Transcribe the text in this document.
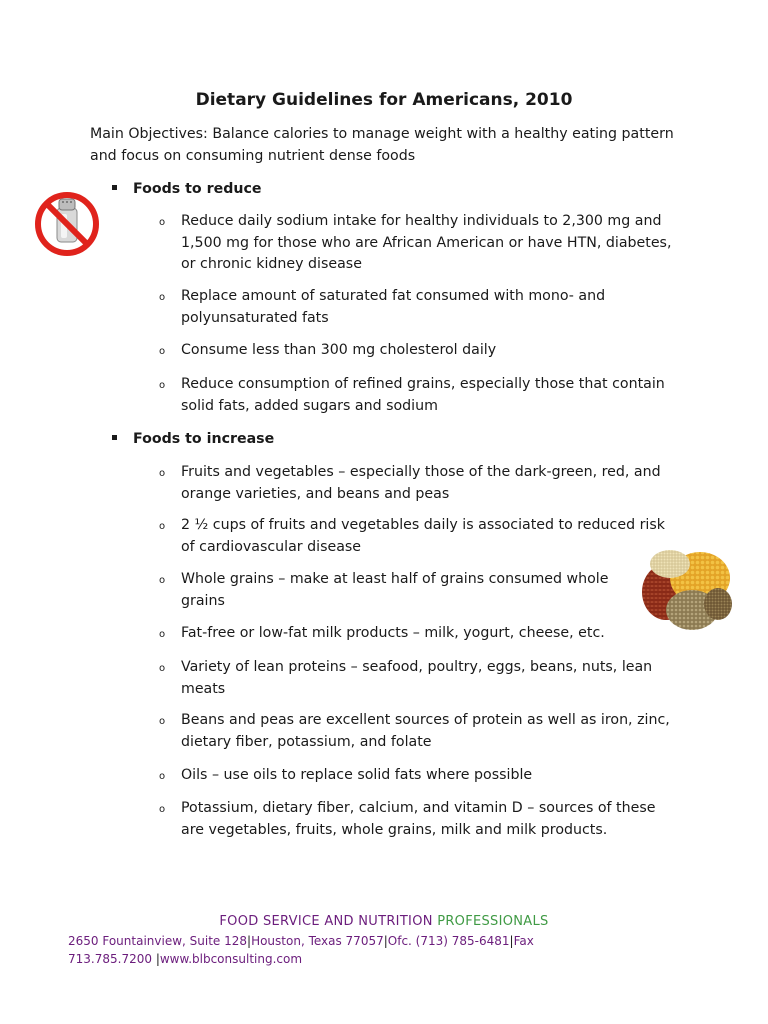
Dietary Guidelines for Americans, 2010
Main Objectives: Balance calories to manage weight with a healthy eating pattern and focus on consuming nutrient dense foods
Foods to reduce
o Reduce daily sodium intake for healthy individuals to 2,300 mg and 1,500 mg for those who are African American or have HTN, diabetes, or chronic kidney disease
o Replace amount of saturated fat consumed with mono- and polyunsaturated fats
o Consume less than 300 mg cholesterol daily
o Reduce consumption of refined grains, especially those that contain solid fats, added sugars and sodium
Foods to increase
o Fruits and vegetables – especially those of the dark-green, red, and orange varieties, and beans and peas
o 2 ½ cups of fruits and vegetables daily is associated to reduced risk of cardiovascular disease
o Whole grains – make at least half of grains consumed whole grains
o Fat-free or low-fat milk products – milk, yogurt, cheese, etc.
o Variety of lean proteins – seafood, poultry, eggs, beans, nuts, lean meats
o Beans and peas are excellent sources of protein as well as iron, zinc, dietary fiber, potassium, and folate
o Oils – use oils to replace solid fats where possible
o Potassium, dietary fiber, calcium, and vitamin D – sources of these are vegetables, fruits, whole grains, milk and milk products.
FOOD SERVICE AND NUTRITION PROFESSIONALS
2650 Fountainview, Suite 128|Houston, Texas 77057|Ofc. (713) 785-6481|Fax 713.785.7200 |www.blbconsulting.com
